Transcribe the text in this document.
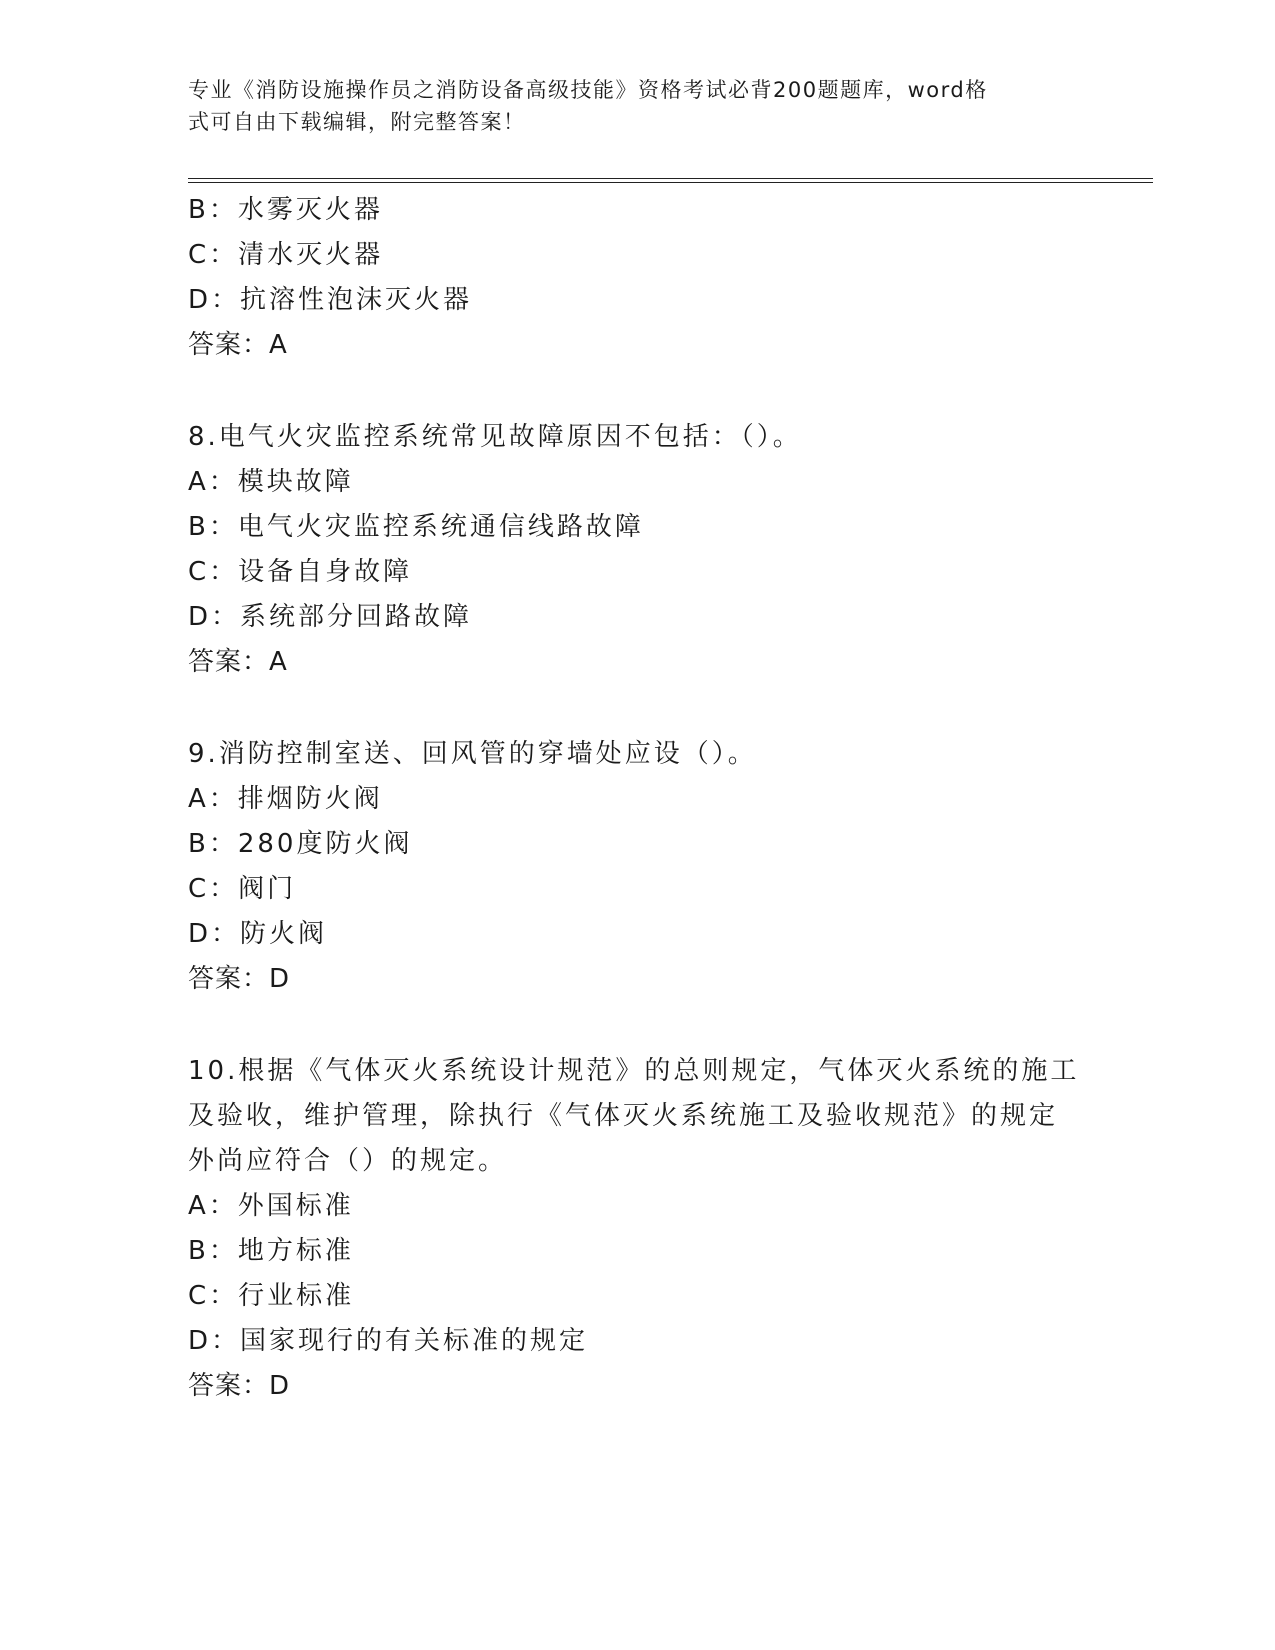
专业《消防设施操作员之消防设备高级技能》资格考试必背200题题库，word格
式可自由下载编辑，附完整答案！
B：水雾灭火器
C：清水灭火器
D：抗溶性泡沫灭火器
答案：A
8.电气火灾监控系统常见故障原因不包括：（）。
A：模块故障
B：电气火灾监控系统通信线路故障
C：设备自身故障
D：系统部分回路故障
答案：A
9.消防控制室送、回风管的穿墙处应设（）。
A：排烟防火阀
B：280度防火阀
C：阀门
D：防火阀
答案：D
10.根据《气体灭火系统设计规范》的总则规定，气体灭火系统的施工
及验收，维护管理，除执行《气体灭火系统施工及验收规范》的规定
外尚应符合（）的规定。
A：外国标准
B：地方标准
C：行业标准
D：国家现行的有关标准的规定
答案：D
